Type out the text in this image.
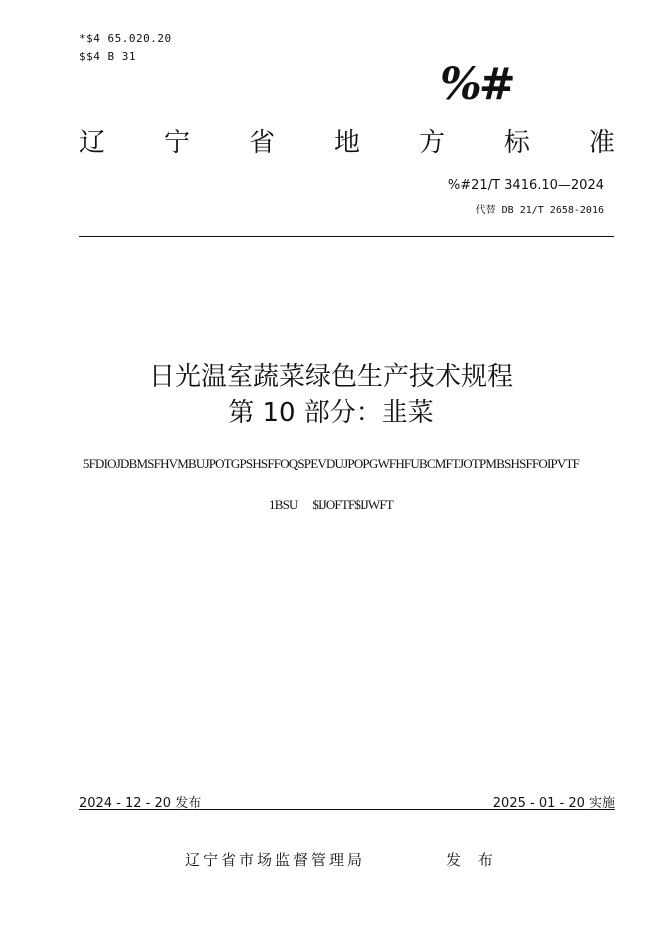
*$4 65.020.20
$$4 B 31
%#
辽 宁 省 地 方 标 准
%#21/T 3416.10—2024
代替 DB 21/T 2658-2016
日光温室蔬菜绿色生产技术规程
第 10 部分：韭菜
5FDIOJDBMSFHVMBUJPOTGPSHSFFOQSPEVDUJPOPGWFHFUBCMFTJOTPMBSHSFFOIPVTF
1BSU      $IJOFTF$IJWFT
2024 - 12 - 20 发布	2025 - 01 - 20 实施
辽宁省市场监督管理局	发 布
